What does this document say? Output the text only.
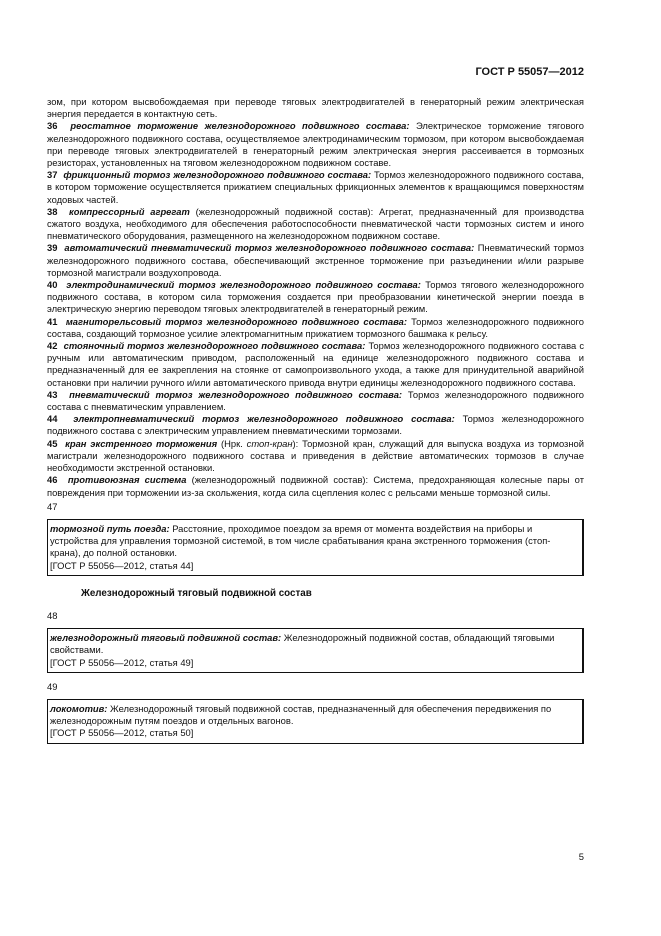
ГОСТ Р 55057—2012

зом, при котором высвобождаемая при переводе тяговых электродвигателей в генераторный режим электрическая энергия передается в контактную сеть.

36 реостатное торможение железнодорожного подвижного состава: Электрическое торможение тягового железнодорожного подвижного состава, осуществляемое электродинамическим тормозом, при котором высвобождаемая при переводе тяговых электродвигателей в генераторный режим электрическая энергия рассеивается в тормозных резисторах, установленных на тяговом железнодорожном подвижном составе.

37 фрикционный тормоз железнодорожного подвижного состава: Тормоз железнодорожного подвижного состава, в котором торможение осуществляется прижатием специальных фрикционных элементов к вращающимся поверхностям ходовых частей.

38 компрессорный агрегат (железнодорожный подвижной состав): Агрегат, предназначенный для производства сжатого воздуха, необходимого для обеспечения работоспособности пневматической части тормозных систем и иного пневматического оборудования, размещенного на железнодорожном подвижном составе.

39 автоматический пневматический тормоз железнодорожного подвижного состава: Пневматический тормоз железнодорожного подвижного состава, обеспечивающий экстренное торможение при разъединении и/или разрыве тормозной магистрали воздухопровода.

40 электродинамический тормоз железнодорожного подвижного состава: Тормоз тягового железнодорожного подвижного состава, в котором сила торможения создается при преобразовании кинетической энергии поезда в электрическую энергию переводом тяговых электродвигателей в генераторный режим.

41 магниторельсовый тормоз железнодорожного подвижного состава: Тормоз железнодорожного подвижного состава, создающий тормозное усилие электромагнитным прижатием тормозного башмака к рельсу.

42 стояночный тормоз железнодорожного подвижного состава: Тормоз железнодорожного подвижного состава с ручным или автоматическим приводом, расположенный на единице железнодорожного подвижного состава и предназначенный для ее закрепления на стоянке от самопроизвольного ухода, а также для принудительной аварийной остановки при наличии ручного и/или автоматического привода внутри единицы железнодорожного подвижного состава.

43 пневматический тормоз железнодорожного подвижного состава: Тормоз железнодорожного подвижного состава с пневматическим управлением.

44 электропневматический тормоз железнодорожного подвижного состава: Тормоз железнодорожного подвижного состава с электрическим управлением пневматическими тормозами.

45 кран экстренного торможения (Нрк. стоп-кран): Тормозной кран, служащий для выпуска воздуха из тормозной магистрали железнодорожного подвижного состава и приведения в действие автоматических тормозов в случае необходимости экстренной остановки.

46 противоюзная система (железнодорожный подвижной состав): Система, предохраняющая колесные пары от повреждения при торможении из-за скольжения, когда сила сцепления колес с рельсами меньше тормозной силы.

47

тормозной путь поезда: Расстояние, проходимое поездом за время от момента воздействия на приборы и устройства для управления тормозной системой, в том числе срабатывания крана экстренного торможения (стоп-крана), до полной остановки.

[ГОСТ Р 55056—2012, статья 44]

Железнодорожный тяговый подвижной состав
48

железнодорожный тяговый подвижной состав: Железнодорожный подвижной состав, обладающий тяговыми свойствами.

[ГОСТ Р 55056—2012, статья 49]

49

локомотив: Железнодорожный тяговый подвижной состав, предназначенный для обеспечения передвижения по железнодорожным путям поездов и отдельных вагонов.

[ГОСТ Р 55056—2012, статья 50]

5
